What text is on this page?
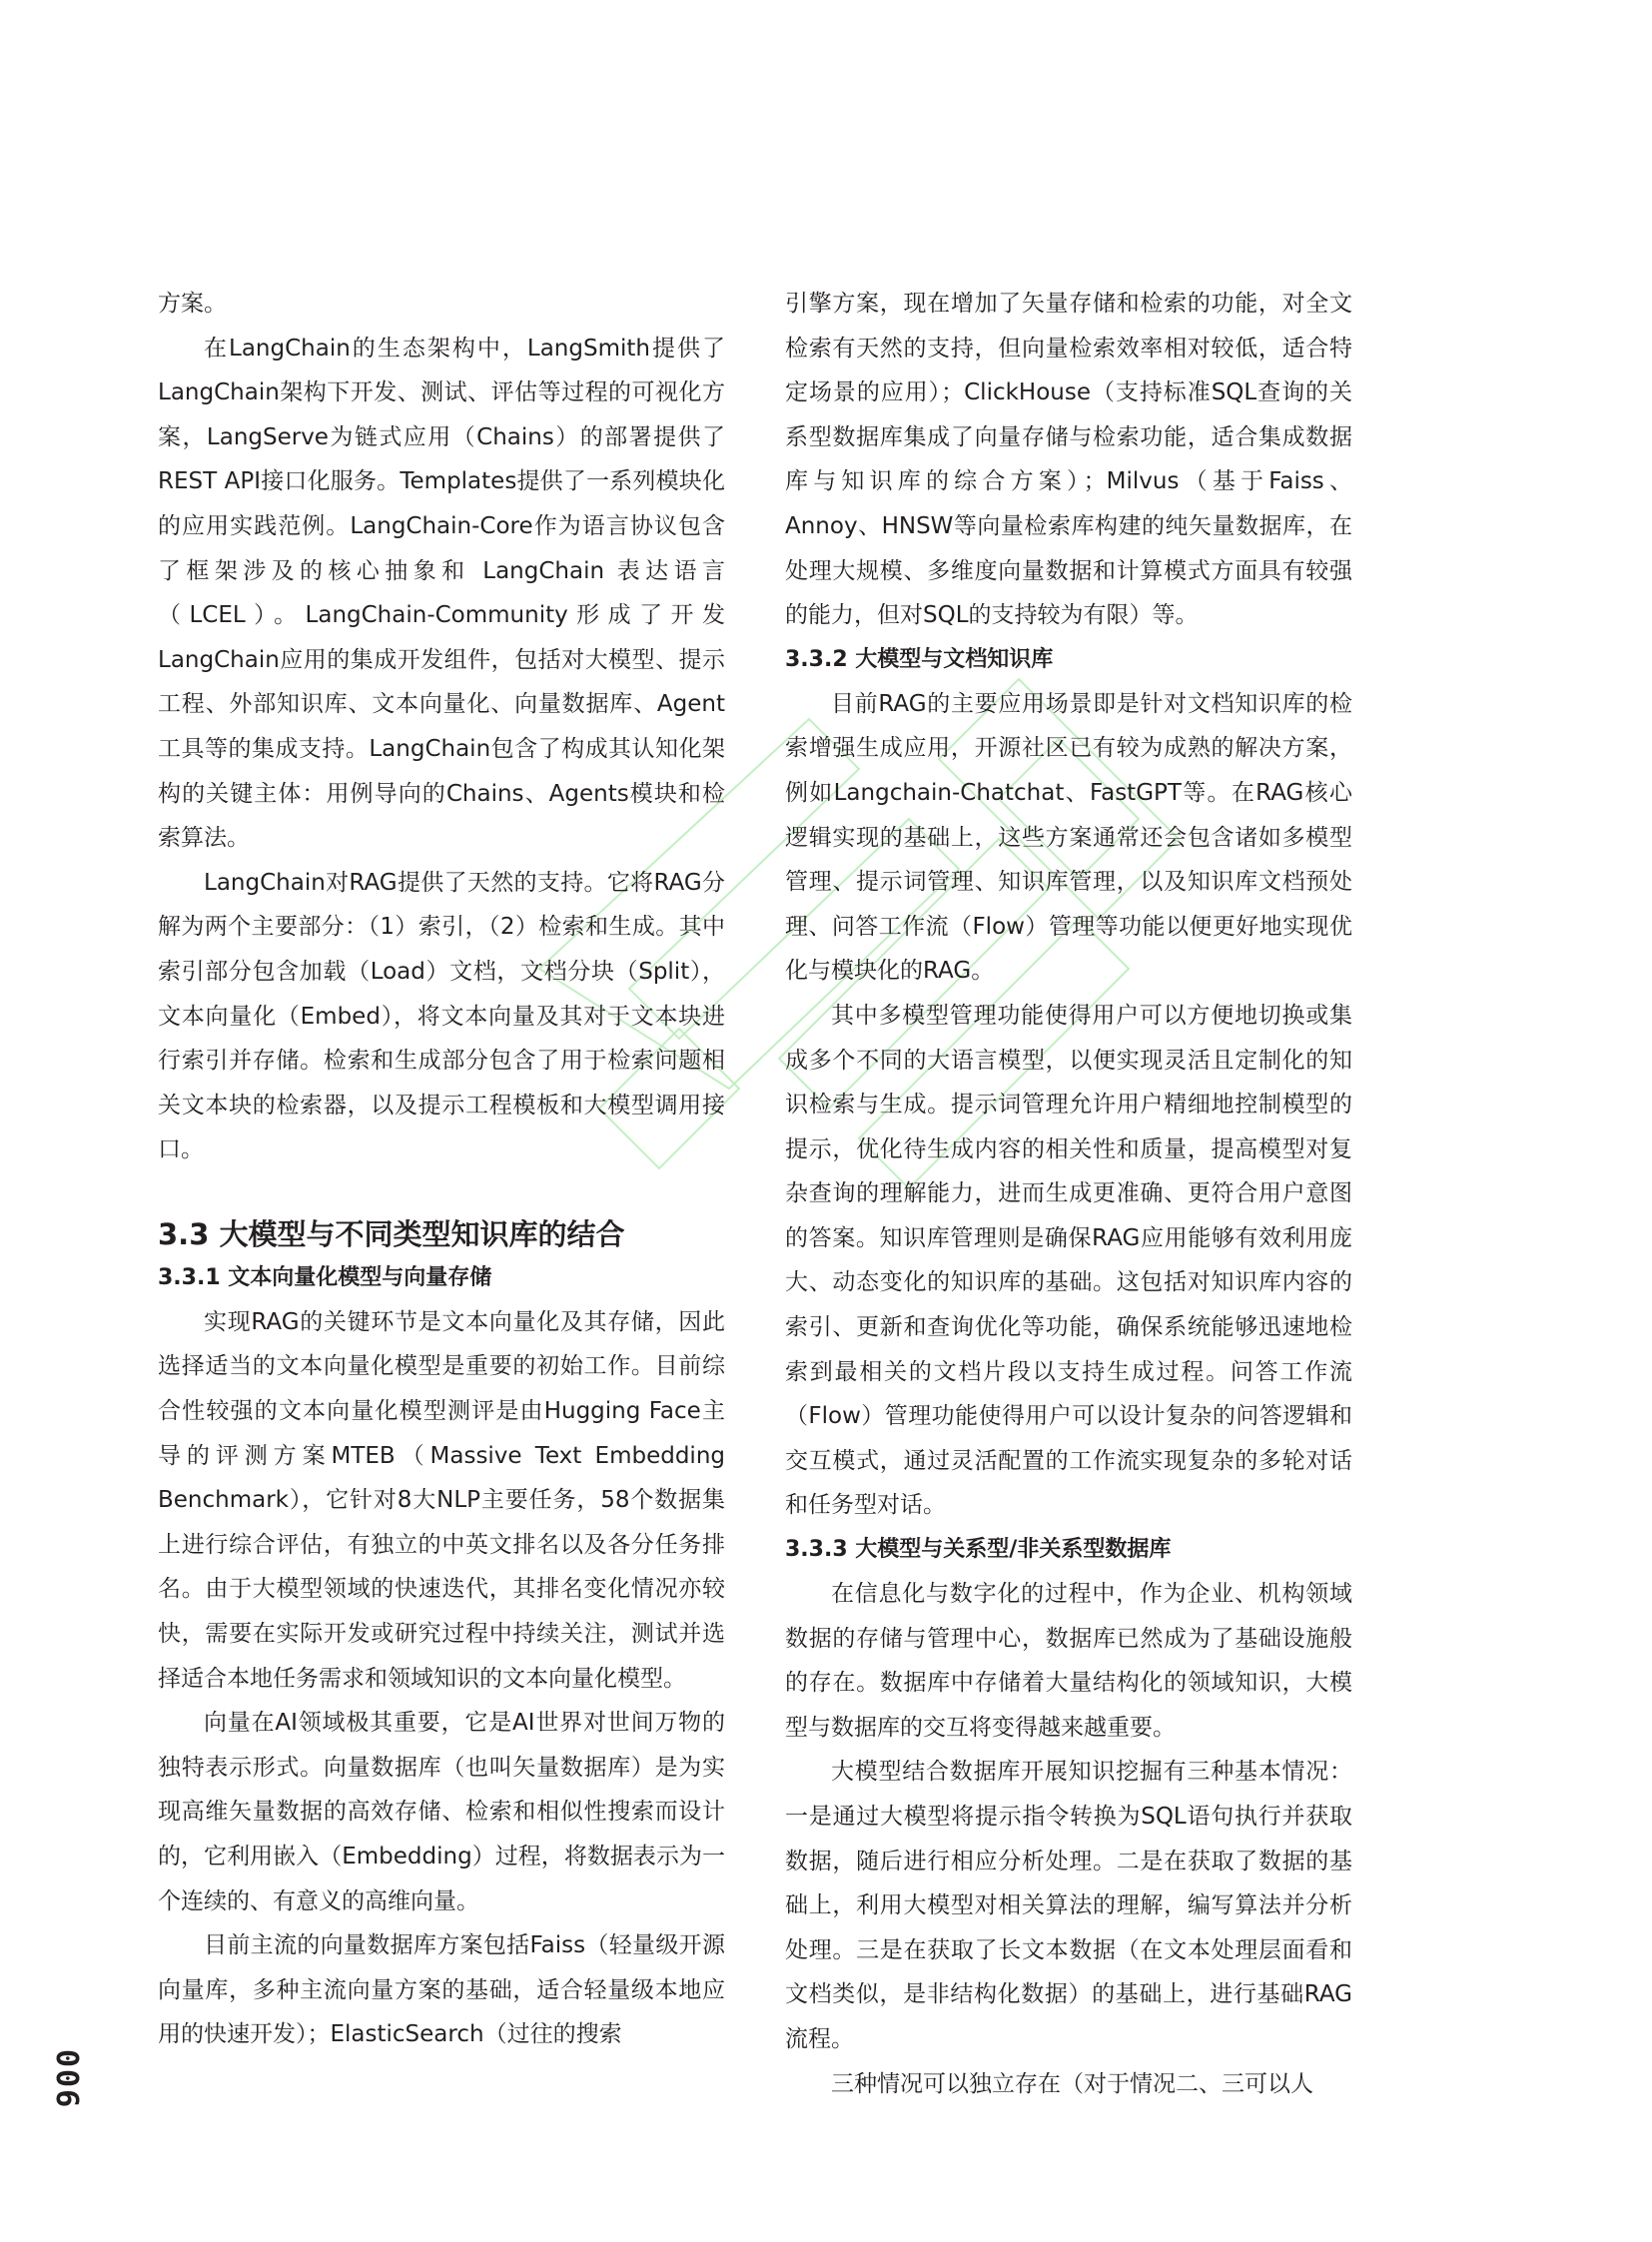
方案。

在LangChain的生态架构中，LangSmith提供了LangChain架构下开发、测试、评估等过程的可视化方案，LangServe为链式应用（Chains）的部署提供了REST API接口化服务。Templates提供了一系列模块化的应用实践范例。LangChain-Core作为语言协议包含了框架涉及的核心抽象和 LangChain 表达语言（LCEL）。LangChain-Community形成了开发LangChain应用的集成开发组件，包括对大模型、提示工程、外部知识库、文本向量化、向量数据库、Agent工具等的集成支持。LangChain包含了构成其认知化架构的关键主体：用例导向的Chains、Agents模块和检索算法。

LangChain对RAG提供了天然的支持。它将RAG分解为两个主要部分：（1）索引，（2）检索和生成。其中索引部分包含加载（Load）文档，文档分块（Split），文本向量化（Embed），将文本向量及其对于文本块进行索引并存储。检索和生成部分包含了用于检索问题相关文本块的检索器，以及提示工程模板和大模型调用接口。

3.3 大模型与不同类型知识库的结合
3.3.1 文本向量化模型与向量存储

实现RAG的关键环节是文本向量化及其存储，因此选择适当的文本向量化模型是重要的初始工作。目前综合性较强的文本向量化模型测评是由Hugging Face主导的评测方案MTEB（Massive Text Embedding Benchmark），它针对8大NLP主要任务，58个数据集上进行综合评估，有独立的中英文排名以及各分任务排名。由于大模型领域的快速迭代，其排名变化情况亦较快，需要在实际开发或研究过程中持续关注，测试并选择适合本地任务需求和领域知识的文本向量化模型。

向量在AI领域极其重要，它是AI世界对世间万物的独特表示形式。向量数据库（也叫矢量数据库）是为实现高维矢量数据的高效存储、检索和相似性搜索而设计的，它利用嵌入（Embedding）过程，将数据表示为一个连续的、有意义的高维向量。

目前主流的向量数据库方案包括Faiss（轻量级开源向量库，多种主流向量方案的基础，适合轻量级本地应用的快速开发）；ElasticSearch（过往的搜索

引擎方案，现在增加了矢量存储和检索的功能，对全文检索有天然的支持，但向量检索效率相对较低，适合特定场景的应用）；ClickHouse（支持标准SQL查询的关系型数据库集成了向量存储与检索功能，适合集成数据库与知识库的综合方案）；Milvus（基于Faiss、Annoy、HNSW等向量检索库构建的纯矢量数据库，在处理大规模、多维度向量数据和计算模式方面具有较强的能力，但对SQL的支持较为有限）等。

3.3.2 大模型与文档知识库

目前RAG的主要应用场景即是针对文档知识库的检索增强生成应用，开源社区已有较为成熟的解决方案，例如Langchain-Chatchat、FastGPT等。在RAG核心逻辑实现的基础上，这些方案通常还会包含诸如多模型管理、提示词管理、知识库管理，以及知识库文档预处理、问答工作流（Flow）管理等功能以便更好地实现优化与模块化的RAG。

其中多模型管理功能使得用户可以方便地切换或集成多个不同的大语言模型，以便实现灵活且定制化的知识检索与生成。提示词管理允许用户精细地控制模型的提示，优化待生成内容的相关性和质量，提高模型对复杂查询的理解能力，进而生成更准确、更符合用户意图的答案。知识库管理则是确保RAG应用能够有效利用庞大、动态变化的知识库的基础。这包括对知识库内容的索引、更新和查询优化等功能，确保系统能够迅速地检索到最相关的文档片段以支持生成过程。问答工作流（Flow）管理功能使得用户可以设计复杂的问答逻辑和交互模式，通过灵活配置的工作流实现复杂的多轮对话和任务型对话。

3.3.3 大模型与关系型/非关系型数据库

在信息化与数字化的过程中，作为企业、机构领域数据的存储与管理中心，数据库已然成为了基础设施般的存在。数据库中存储着大量结构化的领域知识，大模型与数据库的交互将变得越来越重要。

大模型结合数据库开展知识挖掘有三种基本情况：一是通过大模型将提示指令转换为SQL语句执行并获取数据，随后进行相应分析处理。二是在获取了数据的基础上，利用大模型对相关算法的理解，编写算法并分析处理。三是在获取了长文本数据（在文本处理层面看和文档类似，是非结构化数据）的基础上，进行基础RAG流程。

三种情况可以独立存在（对于情况二、三可以人

006
